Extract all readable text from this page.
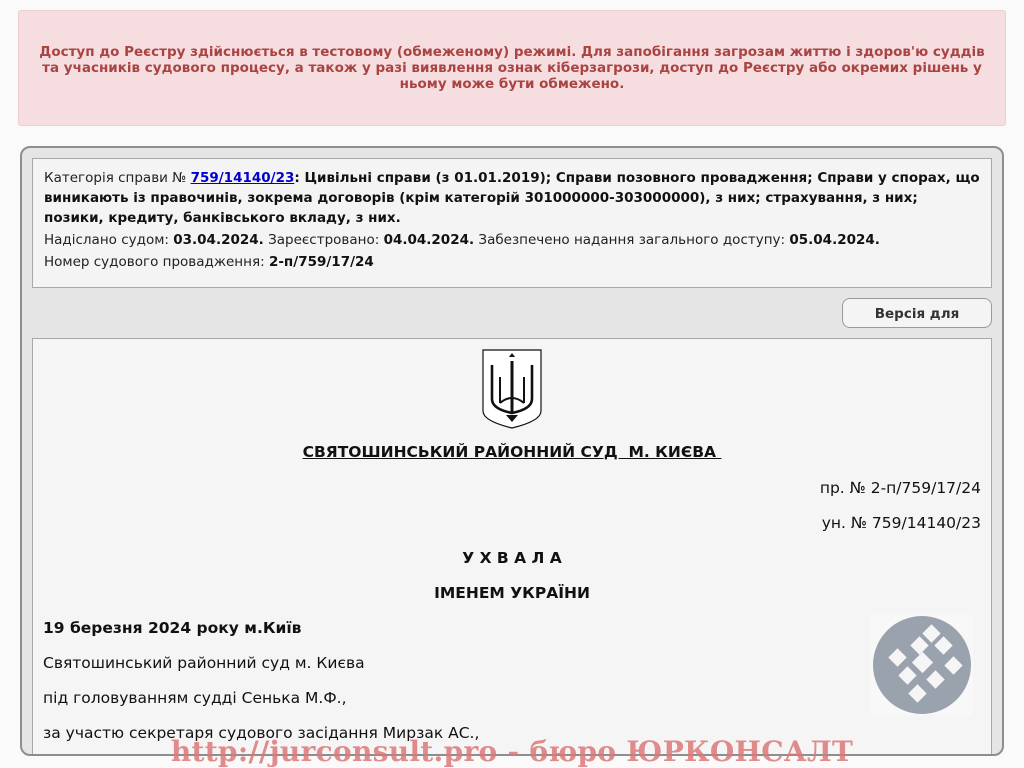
Доступ до Реєстру здійснюється в тестовому (обмеженому) режимі. Для запобігання загрозам життю і здоров'ю суддів та учасників судового процесу, а також у разі виявлення ознак кіберзагрози, доступ до Реєстру або окремих рішень у ньому може бути обмежено.

Категорія справи № 759/14140/23: Цивільні справи (з 01.01.2019); Справи позовного провадження; Справи у спорах, що виникають із правочинів, зокрема договорів (крім категорій 301000000-303000000), з них; страхування, з них; позики, кредиту, банківського вкладу, з них.

Надіслано судом: 03.04.2024. Зареєстровано: 04.04.2024. Забезпечено надання загального доступу: 05.04.2024.

Номер судового провадження: 2-п/759/17/24

Версія для
СВЯТОШИНСЬКИЙ РАЙОННИЙ СУД  М. КИЄВА
пр. № 2-п/759/17/24
ун. № 759/14140/23
У Х В А Л А
ІМЕНЕМ УКРАЇНИ
19 березня 2024 року м.Київ
Святошинський районний суд м. Києва
під головуванням судді Сенька М.Ф.,
за участю секретаря судового засідання Мирзак АС.,
http://jurconsult.pro - бюро ЮРКОНСАЛТ
